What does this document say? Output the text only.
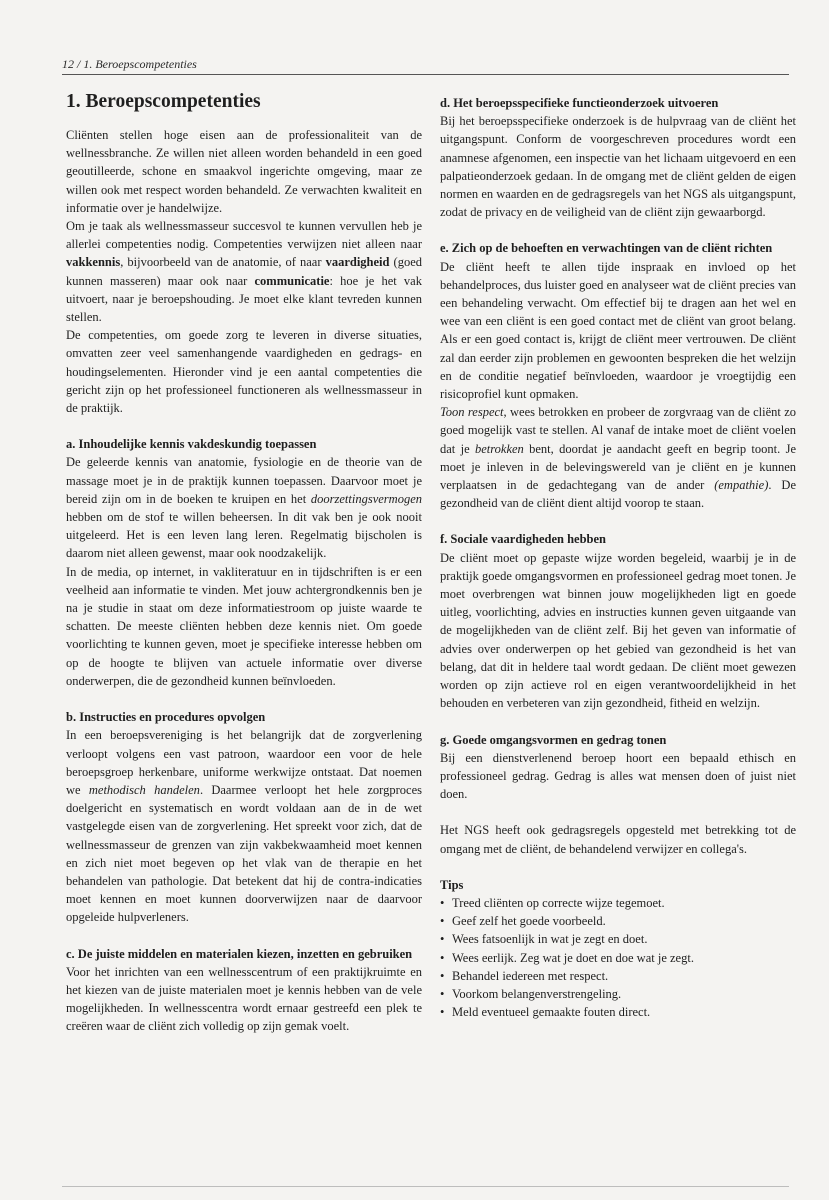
12 / 1. Beroepscompetenties
1. Beroepscompetenties

Cliënten stellen hoge eisen aan de professionaliteit van de wellnessbranche. Ze willen niet alleen worden behandeld in een goed geoutilleerde, schone en smaakvol ingerichte omgeving, maar ze willen ook met respect worden behandeld. Ze verwachten kwaliteit en informatie over je handelwijze.

Om je taak als wellnessmasseur succesvol te kunnen vervullen heb je allerlei competenties nodig. Competenties verwijzen niet alleen naar vakkennis, bijvoorbeeld van de anatomie, of naar vaardigheid (goed kunnen masseren) maar ook naar communicatie: hoe je het vak uitvoert, naar je beroepshouding. Je moet elke klant tevreden kunnen stellen.

De competenties, om goede zorg te leveren in diverse situaties, omvatten zeer veel samenhangende vaardigheden en gedrags- en houdingselementen. Hieronder vind je een aantal competenties die gericht zijn op het professioneel functioneren als wellnessmasseur in de praktijk.

a. Inhoudelijke kennis vakdeskundig toepassen

De geleerde kennis van anatomie, fysiologie en de theorie van de massage moet je in de praktijk kunnen toepassen. Daarvoor moet je bereid zijn om in de boeken te kruipen en het doorzettingsvermogen hebben om de stof te willen beheersen. In dit vak ben je ook nooit uitgeleerd. Het is een leven lang leren. Regelmatig bijscholen is daarom niet alleen gewenst, maar ook noodzakelijk.

In de media, op internet, in vakliteratuur en in tijdschriften is er een veelheid aan informatie te vinden. Met jouw achtergrondkennis ben je na je studie in staat om deze informatiestroom op juiste waarde te schatten. De meeste cliënten hebben deze kennis niet. Om goede voorlichting te kunnen geven, moet je specifieke interesse hebben om op de hoogte te blijven van actuele informatie over diverse onderwerpen, die de gezondheid kunnen beïnvloeden.

b. Instructies en procedures opvolgen

In een beroepsvereniging is het belangrijk dat de zorgverlening verloopt volgens een vast patroon, waardoor een voor de hele beroepsgroep herkenbare, uniforme werkwijze ontstaat. Dat noemen we methodisch handelen. Daarmee verloopt het hele zorgproces doelgericht en systematisch en wordt voldaan aan de in de wet vastgelegde eisen van de zorgverlening. Het spreekt voor zich, dat de wellnessmasseur de grenzen van zijn vakbekwaamheid moet kennen en zich niet moet begeven op het vlak van de therapie en het behandelen van pathologie. Dat betekent dat hij de contra-indicaties moet kennen en moet kunnen doorverwijzen naar de daarvoor opgeleide hulpverleners.

c. De juiste middelen en materialen kiezen, inzetten en gebruiken

Voor het inrichten van een wellnesscentrum of een praktijkruimte en het kiezen van de juiste materialen moet je kennis hebben van de vele mogelijkheden. In wellnesscentra wordt ernaar gestreefd een plek te creëren waar de cliënt zich volledig op zijn gemak voelt.

d. Het beroepsspecifieke functieonderzoek uitvoeren

Bij het beroepsspecifieke onderzoek is de hulpvraag van de cliënt het uitgangspunt. Conform de voorgeschreven procedures wordt een anamnese afgenomen, een inspectie van het lichaam uitgevoerd en een palpatieonderzoek gedaan. In de omgang met de cliënt gelden de eigen normen en waarden en de gedragsregels van het NGS als uitgangspunt, zodat de privacy en de veiligheid van de cliënt zijn gewaarborgd.

e. Zich op de behoeften en verwachtingen van de cliënt richten

De cliënt heeft te allen tijde inspraak en invloed op het behandelproces, dus luister goed en analyseer wat de cliënt precies van een behandeling verwacht. Om effectief bij te dragen aan het wel en wee van een cliënt is een goed contact met de cliënt van groot belang. Als er een goed contact is, krijgt de cliënt meer vertrouwen. De cliënt zal dan eerder zijn problemen en gewoonten bespreken die het welzijn en de conditie negatief beïnvloeden, waardoor je vroegtijdig een risicoprofiel kunt opmaken.

Toon respect, wees betrokken en probeer de zorgvraag van de cliënt zo goed mogelijk vast te stellen. Al vanaf de intake moet de cliënt voelen dat je betrokken bent, doordat je aandacht geeft en begrip toont. Je moet je inleven in de belevingswereld van je cliënt en je kunnen verplaatsen in de gedachtegang van de ander (empathie). De gezondheid van de cliënt dient altijd voorop te staan.

f. Sociale vaardigheden hebben

De cliënt moet op gepaste wijze worden begeleid, waarbij je in de praktijk goede omgangsvormen en professioneel gedrag moet tonen. Je moet overbrengen wat binnen jouw mogelijkheden ligt en goede uitleg, voorlichting, advies en instructies kunnen geven uitgaande van de mogelijkheden van de cliënt zelf. Bij het geven van informatie of advies over onderwerpen op het gebied van gezondheid is het van belang, dat dit in heldere taal wordt gedaan. De cliënt moet gewezen worden op zijn actieve rol en eigen verantwoordelijkheid in het behouden en verbeteren van zijn gezondheid, fitheid en welzijn.

g. Goede omgangsvormen en gedrag tonen

Bij een dienstverlenend beroep hoort een bepaald ethisch en professioneel gedrag. Gedrag is alles wat mensen doen of juist niet doen.

Het NGS heeft ook gedragsregels opgesteld met betrekking tot de omgang met de cliënt, de behandelend verwijzer en collega's.

Tips
• Treed cliënten op correcte wijze tegemoet.
• Geef zelf het goede voorbeeld.
• Wees fatsoenlijk in wat je zegt en doet.
• Wees eerlijk. Zeg wat je doet en doe wat je zegt.
• Behandel iedereen met respect.
• Voorkom belangenverstrengeling.
• Meld eventueel gemaakte fouten direct.
